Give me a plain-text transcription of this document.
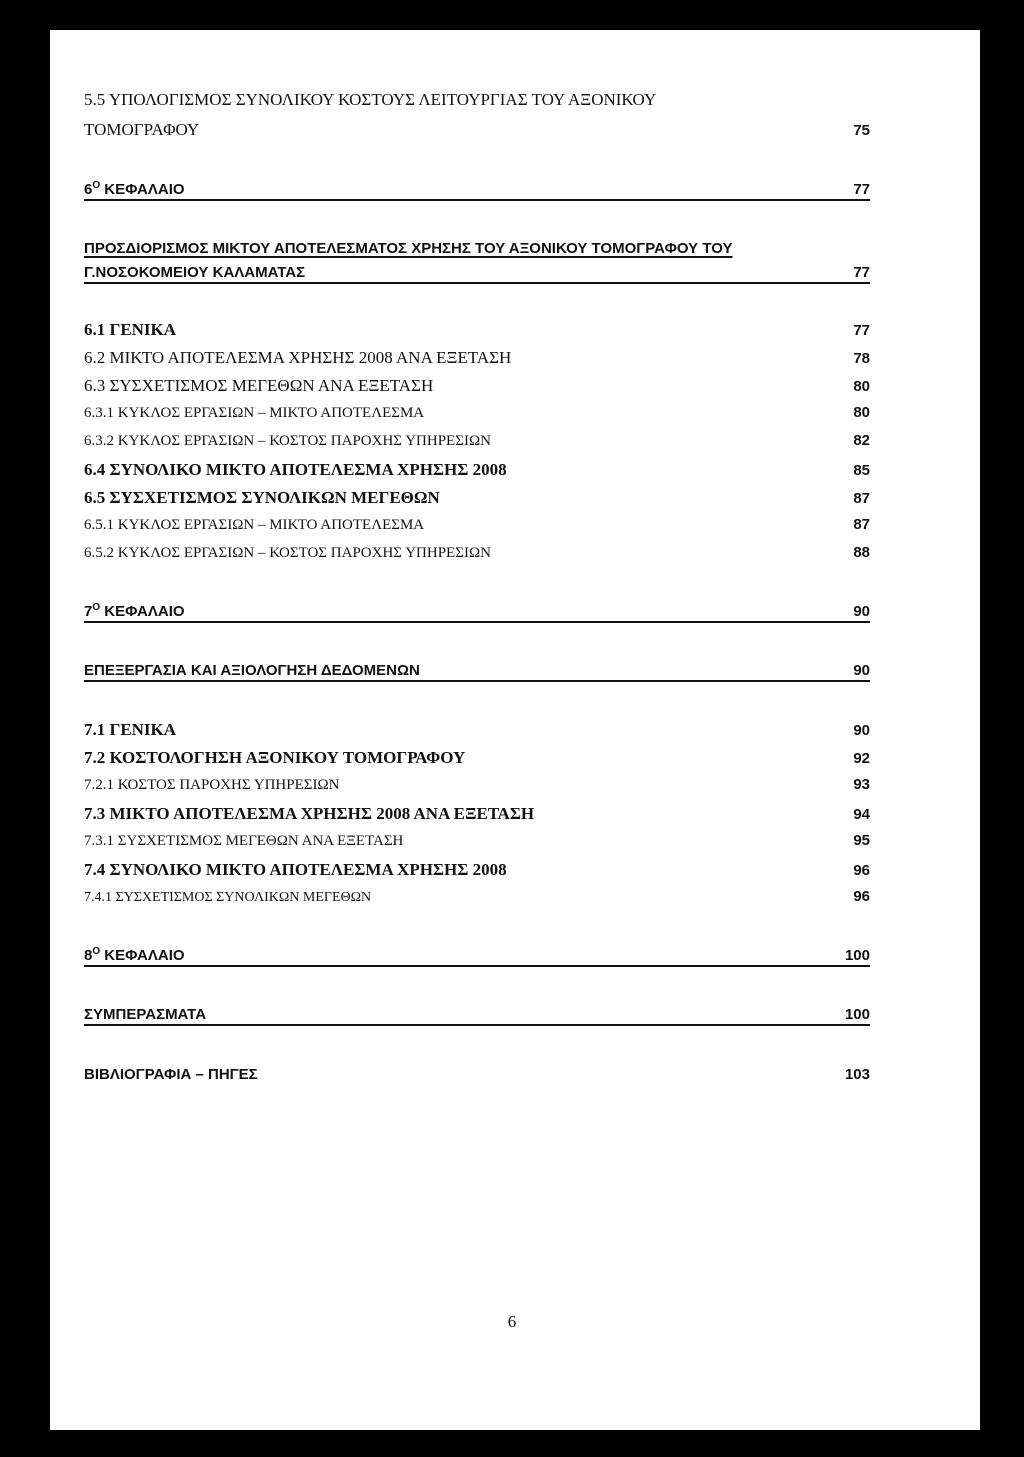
5.5 ΥΠΟΛΟΓΙΣΜΟΣ ΣΥΝΟΛΙΚΟΥ ΚΟΣΤΟΥΣ ΛΕΙΤΟΥΡΓΙΑΣ ΤΟΥ ΑΞΟΝΙΚΟΥ
ΤΟΜΟΓΡΑΦΟΥ	75
$6^O$ ΚΕΦΑΛΑΙΟ	77
ΠΡΟΣΔΙΟΡΙΣΜΟΣ ΜΙΚΤΟΥ ΑΠΟΤΕΛΕΣΜΑΤΟΣ ΧΡΗΣΗΣ ΤΟΥ ΑΞΟΝΙΚΟΥ ΤΟΜΟΓΡΑΦΟΥ ΤΟΥ
Γ.ΝΟΣΟΚΟΜΕΙΟΥ ΚΑΛΑΜΑΤΑΣ	77
6.1 ΓΕΝΙΚΑ	77
6.2 ΜΙΚΤΟ ΑΠΟΤΕΛΕΣΜΑ ΧΡΗΣΗΣ 2008 ΑΝΑ ΕΞΕΤΑΣΗ	78
6.3 ΣΥΣΧΕΤΙΣΜΟΣ ΜΕΓΕΘΩΝ ΑΝΑ ΕΞΕΤΑΣΗ	80
6.3.1 ΚΥΚΛΟΣ ΕΡΓΑΣΙΩΝ – ΜΙΚΤΟ ΑΠΟΤΕΛΕΣΜΑ	80
6.3.2 ΚΥΚΛΟΣ ΕΡΓΑΣΙΩΝ – ΚΟΣΤΟΣ ΠΑΡΟΧΗΣ ΥΠΗΡΕΣΙΩΝ	82
6.4 ΣΥΝΟΛΙΚΟ ΜΙΚΤΟ ΑΠΟΤΕΛΕΣΜΑ ΧΡΗΣΗΣ 2008	85
6.5 ΣΥΣΧΕΤΙΣΜΟΣ ΣΥΝΟΛΙΚΩΝ ΜΕΓΕΘΩΝ	87
6.5.1 ΚΥΚΛΟΣ ΕΡΓΑΣΙΩΝ – ΜΙΚΤΟ ΑΠΟΤΕΛΕΣΜΑ	87
6.5.2 ΚΥΚΛΟΣ ΕΡΓΑΣΙΩΝ – ΚΟΣΤΟΣ ΠΑΡΟΧΗΣ ΥΠΗΡΕΣΙΩΝ	88
$7^O$ ΚΕΦΑΛΑΙΟ	90
ΕΠΕΞΕΡΓΑΣΙΑ ΚΑΙ ΑΞΙΟΛΟΓΗΣΗ ΔΕΔΟΜΕΝΩΝ	90
7.1 ΓΕΝΙΚΑ	90
7.2 ΚΟΣΤΟΛΟΓΗΣΗ ΑΞΟΝΙΚΟΥ ΤΟΜΟΓΡΑΦΟΥ	92
7.2.1 ΚΟΣΤΟΣ ΠΑΡΟΧΗΣ ΥΠΗΡΕΣΙΩΝ	93
7.3 ΜΙΚΤΟ ΑΠΟΤΕΛΕΣΜΑ ΧΡΗΣΗΣ 2008 ΑΝΑ ΕΞΕΤΑΣΗ	94
7.3.1 ΣΥΣΧΕΤΙΣΜΟΣ ΜΕΓΕΘΩΝ ΑΝΑ ΕΞΕΤΑΣΗ	95
7.4 ΣΥΝΟΛΙΚΟ ΜΙΚΤΟ ΑΠΟΤΕΛΕΣΜΑ ΧΡΗΣΗΣ 2008	96
7.4.1 ΣΥΣΧΕΤΙΣΜΟΣ ΣΥΝΟΛΙΚΩΝ ΜΕΓΕΘΩΝ	96
$8^O$ ΚΕΦΑΛΑΙΟ	100
ΣΥΜΠΕΡΑΣΜΑΤΑ	100
ΒΙΒΛΙΟΓΡΑΦΙΑ – ΠΗΓΕΣ	103
6
